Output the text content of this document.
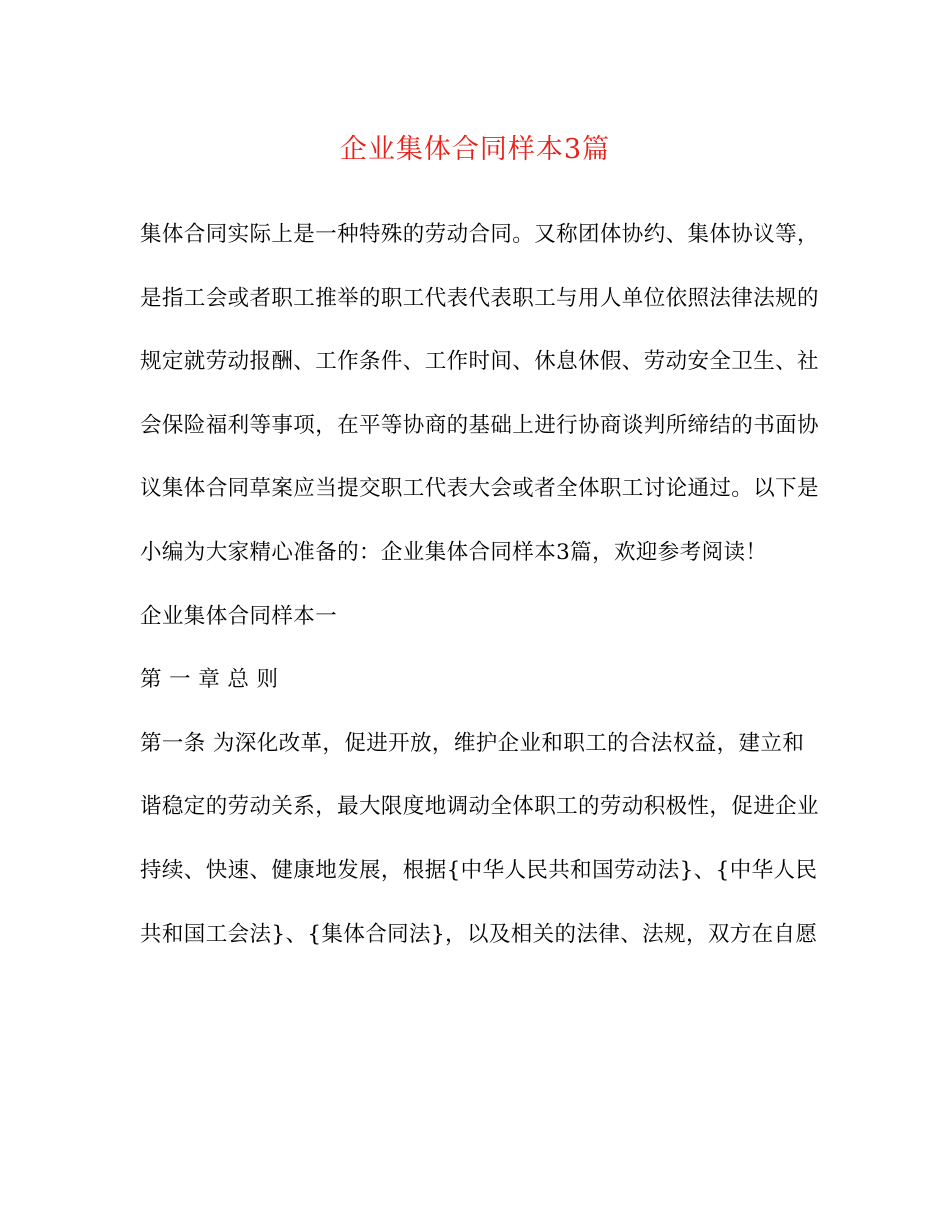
企业集体合同样本3篇
集体合同实际上是一种特殊的劳动合同。又称团体协约、集体协议等，
是指工会或者职工推举的职工代表代表职工与用人单位依照法律法规的
规定就劳动报酬、工作条件、工作时间、休息休假、劳动安全卫生、社
会保险福利等事项，在平等协商的基础上进行协商谈判所缔结的书面协
议集体合同草案应当提交职工代表大会或者全体职工讨论通过。以下是
小编为大家精心准备的：企业集体合同样本3篇，欢迎参考阅读！
企业集体合同样本一
第 一 章 总 则
第一条 为深化改革，促进开放，维护企业和职工的合法权益，建立和
谐稳定的劳动关系，最大限度地调动全体职工的劳动积极性，促进企业
持续、快速、健康地发展，根据{中华人民共和国劳动法}、{中华人民
共和国工会法}、{集体合同法}，以及相关的法律、法规，双方在自愿
